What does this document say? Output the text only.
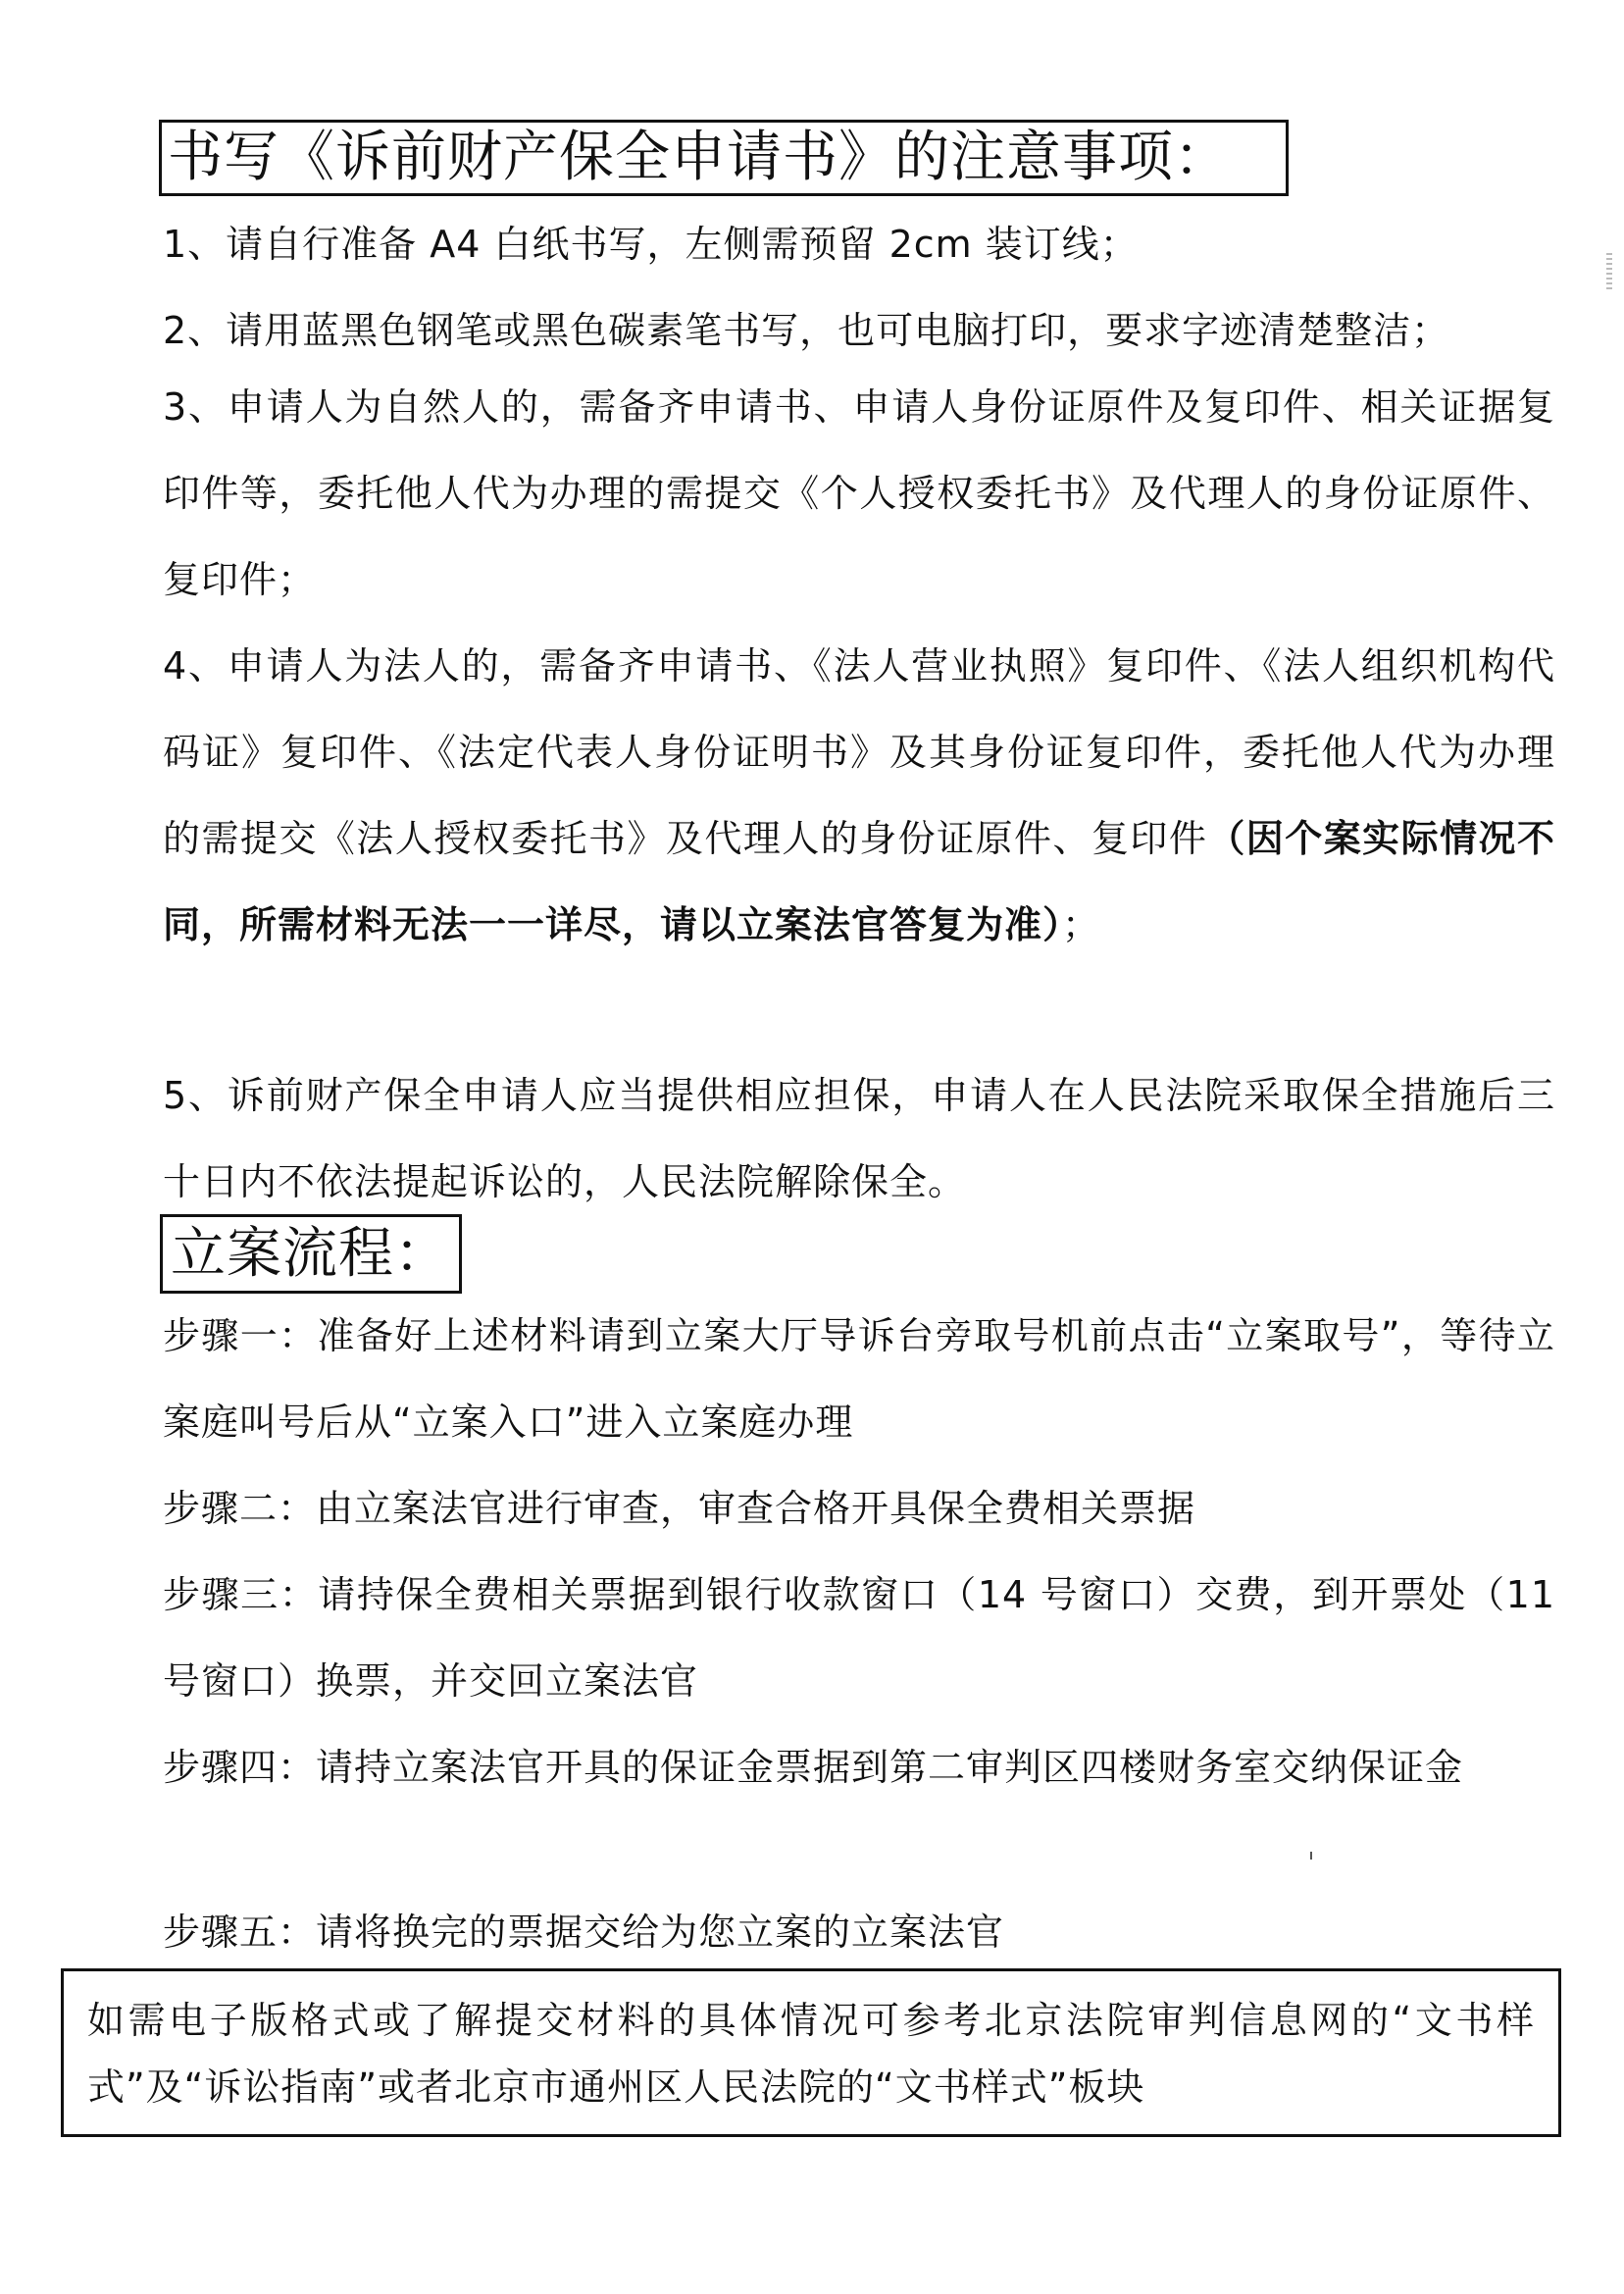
书写《诉前财产保全申请书》的注意事项：
1、请自行准备 A4 白纸书写，左侧需预留 2cm 装订线；
2、请用蓝黑色钢笔或黑色碳素笔书写，也可电脑打印，要求字迹清楚整洁；
3、申请人为自然人的，需备齐申请书、申请人身份证原件及复印件、相关证据复印件等，委托他人代为办理的需提交《个人授权委托书》及代理人的身份证原件、复印件；
4、申请人为法人的，需备齐申请书、《法人营业执照》复印件、《法人组织机构代码证》复印件、《法定代表人身份证明书》及其身份证复印件，委托他人代为办理的需提交《法人授权委托书》及代理人的身份证原件、复印件（因个案实际情况不同，所需材料无法一一详尽，请以立案法官答复为准）；
5、诉前财产保全申请人应当提供相应担保，申请人在人民法院采取保全措施后三十日内不依法提起诉讼的，人民法院解除保全。
立案流程：
步骤一：准备好上述材料请到立案大厅导诉台旁取号机前点击“立案取号”，等待立案庭叫号后从“立案入口”进入立案庭办理
步骤二：由立案法官进行审查，审查合格开具保全费相关票据
步骤三：请持保全费相关票据到银行收款窗口（14 号窗口）交费，到开票处（11 号窗口）换票，并交回立案法官
步骤四：请持立案法官开具的保证金票据到第二审判区四楼财务室交纳保证金
步骤五：请将换完的票据交给为您立案的立案法官
如需电子版格式或了解提交材料的具体情况可参考北京法院审判信息网的“文书样式”及“诉讼指南”或者北京市通州区人民法院的“文书样式”板块
